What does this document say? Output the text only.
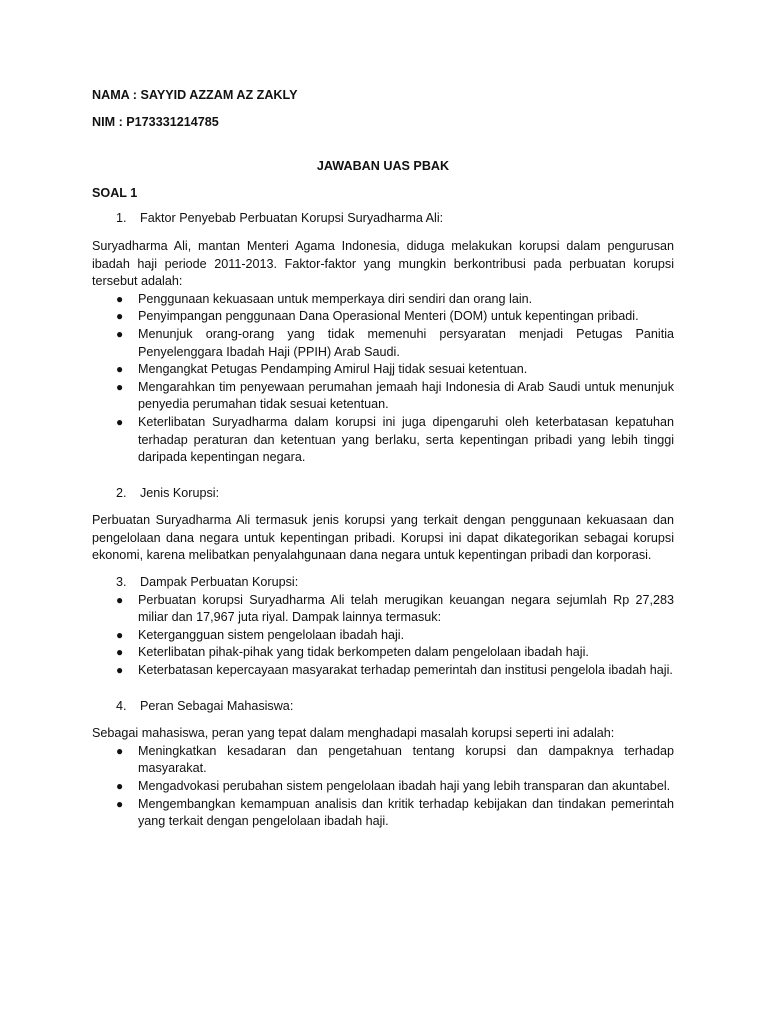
NAMA : SAYYID AZZAM AZ ZAKLY
NIM : P173331214785
JAWABAN UAS PBAK
SOAL 1
1.	Faktor Penyebab Perbuatan Korupsi Suryadharma Ali:

Suryadharma Ali, mantan Menteri Agama Indonesia, diduga melakukan korupsi dalam pengurusan ibadah haji periode 2011-2013. Faktor-faktor yang mungkin berkontribusi pada perbuatan korupsi tersebut adalah:

● Penggunaan kekuasaan untuk memperkaya diri sendiri dan orang lain.
● Penyimpangan penggunaan Dana Operasional Menteri (DOM) untuk kepentingan pribadi.
● Menunjuk orang-orang yang tidak memenuhi persyaratan menjadi Petugas Panitia Penyelenggara Ibadah Haji (PPIH) Arab Saudi.
● Mengangkat Petugas Pendamping Amirul Hajj tidak sesuai ketentuan.
● Mengarahkan tim penyewaan perumahan jemaah haji Indonesia di Arab Saudi untuk menunjuk penyedia perumahan tidak sesuai ketentuan.
● Keterlibatan Suryadharma dalam korupsi ini juga dipengaruhi oleh keterbatasan kepatuhan terhadap peraturan dan ketentuan yang berlaku, serta kepentingan pribadi yang lebih tinggi daripada kepentingan negara.
2.	Jenis Korupsi:

Perbuatan Suryadharma Ali termasuk jenis korupsi yang terkait dengan penggunaan kekuasaan dan pengelolaan dana negara untuk kepentingan pribadi. Korupsi ini dapat dikategorikan sebagai korupsi ekonomi, karena melibatkan penyalahgunaan dana negara untuk kepentingan pribadi dan korporasi.

3.	Dampak Perbuatan Korupsi:
● Perbuatan korupsi Suryadharma Ali telah merugikan keuangan negara sejumlah Rp 27,283 miliar dan 17,967 juta riyal. Dampak lainnya termasuk:
● Ketergangguan sistem pengelolaan ibadah haji.
● Keterlibatan pihak-pihak yang tidak berkompeten dalam pengelolaan ibadah haji.
● Keterbatasan kepercayaan masyarakat terhadap pemerintah dan institusi pengelola ibadah haji.
4.	Peran Sebagai Mahasiswa:

Sebagai mahasiswa, peran yang tepat dalam menghadapi masalah korupsi seperti ini adalah:

● Meningkatkan kesadaran dan pengetahuan tentang korupsi dan dampaknya terhadap masyarakat.
● Mengadvokasi perubahan sistem pengelolaan ibadah haji yang lebih transparan dan akuntabel.
● Mengembangkan kemampuan analisis dan kritik terhadap kebijakan dan tindakan pemerintah yang terkait dengan pengelolaan ibadah haji.
